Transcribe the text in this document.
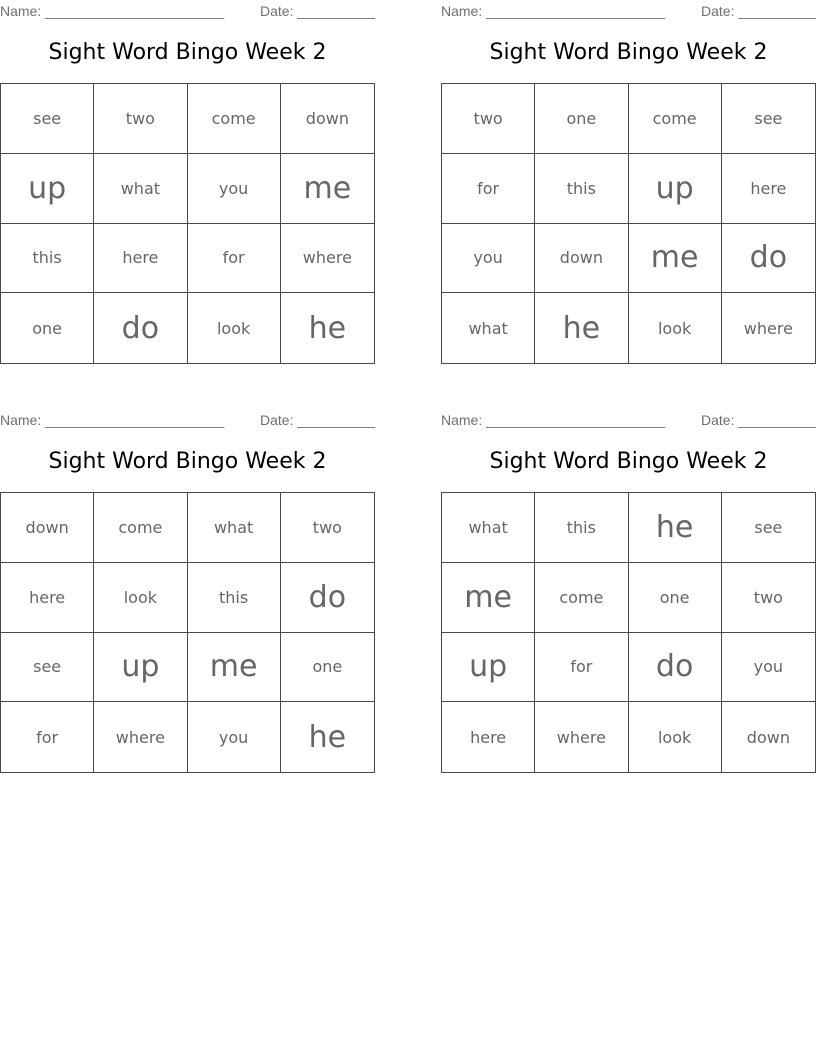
Name: _______________________	Date: __________
Sight Word Bingo Week 2
see	two	come	down
up	what	you	me
this	here	for	where
one	do	look	he
Name: _______________________	Date: __________
Sight Word Bingo Week 2
two	one	come	see
for	this	up	here
you	down	me	do
what	he	look	where
Name: _______________________	Date: __________
Sight Word Bingo Week 2
down	come	what	two
here	look	this	do
see	up	me	one
for	where	you	he
Name: _______________________	Date: __________
Sight Word Bingo Week 2
what	this	he	see
me	come	one	two
up	for	do	you
here	where	look	down
